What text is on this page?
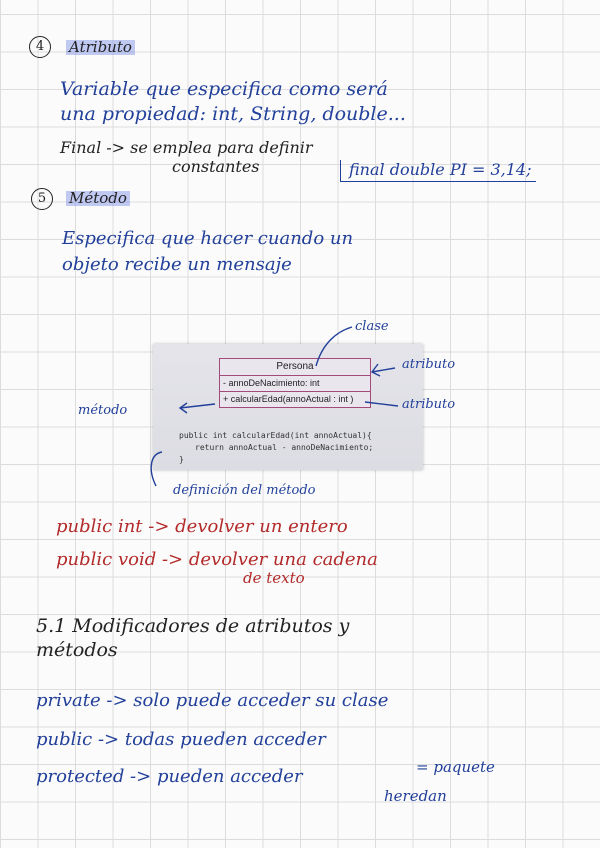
4	Atributo
Variable que especifica como será
una propiedad: int, String, double...
Final -> se emplea para definir
constantes	final double PI = 3,14;
5	Método
Especifica que hacer cuando un
objeto recibe un mensaje
Persona
- annoDeNacimiento: int
+ calcularEdad(annoActual : int )
public int calcularEdad(int annoActual){
return annoActual - annoDeNacimiento;
}
clase
atributo
atributo
método
definición del método
public int -> devolver un entero
public void -> devolver una cadena
de texto
5.1 Modificadores de atributos y
métodos
private -> solo puede acceder su clase
public -> todas pueden acceder
protected -> pueden acceder	= paquete
heredan
